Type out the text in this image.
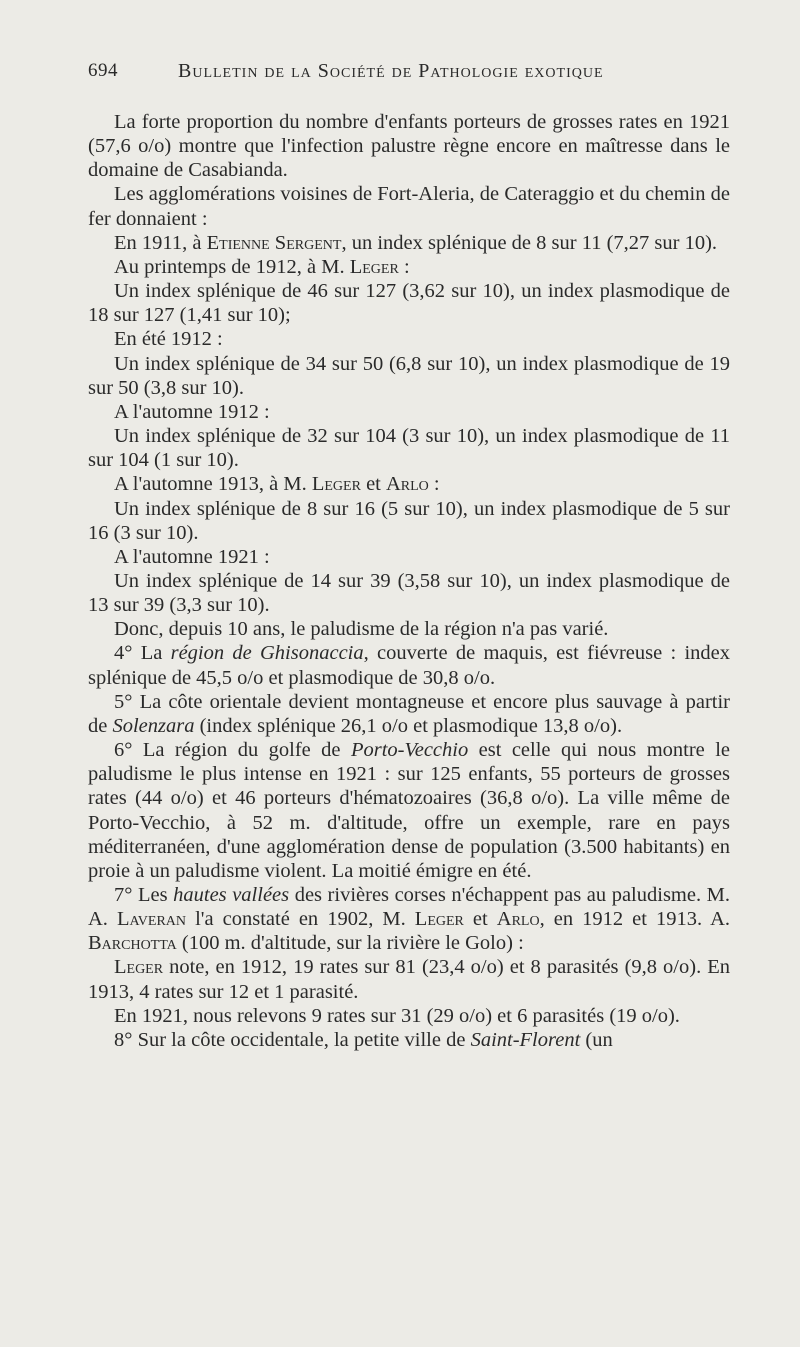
694	Bulletin de la Société de Pathologie exotique

La forte proportion du nombre d'enfants porteurs de grosses rates en 1921 (57,6 o/o) montre que l'infection palustre règne encore en maîtresse dans le domaine de Casabianda.

Les agglomérations voisines de Fort-Aleria, de Cateraggio et du chemin de fer donnaient :

En 1911, à Etienne Sergent, un index splénique de 8 sur 11 (7,27 sur 10).

Au printemps de 1912, à M. Leger :

Un index splénique de 46 sur 127 (3,62 sur 10), un index plasmodique de 18 sur 127 (1,41 sur 10);

En été 1912 :

Un index splénique de 34 sur 50 (6,8 sur 10), un index plasmodique de 19 sur 50 (3,8 sur 10).

A l'automne 1912 :

Un index splénique de 32 sur 104 (3 sur 10), un index plasmodique de 11 sur 104 (1 sur 10).

A l'automne 1913, à M. Leger et Arlo :

Un index splénique de 8 sur 16 (5 sur 10), un index plasmodique de 5 sur 16 (3 sur 10).

A l'automne 1921 :

Un index splénique de 14 sur 39 (3,58 sur 10), un index plasmodique de 13 sur 39 (3,3 sur 10).

Donc, depuis 10 ans, le paludisme de la région n'a pas varié.

4° La région de Ghisonaccia, couverte de maquis, est fiévreuse : index splénique de 45,5 o/o et plasmodique de 30,8 o/o.

5° La côte orientale devient montagneuse et encore plus sauvage à partir de Solenzara (index splénique 26,1 o/o et plasmodique 13,8 o/o).

6° La région du golfe de Porto-Vecchio est celle qui nous montre le paludisme le plus intense en 1921 : sur 125 enfants, 55 porteurs de grosses rates (44 o/o) et 46 porteurs d'hématozoaires (36,8 o/o). La ville même de Porto-Vecchio, à 52 m. d'altitude, offre un exemple, rare en pays méditerranéen, d'une agglomération dense de population (3.500 habitants) en proie à un paludisme violent. La moitié émigre en été.

7° Les hautes vallées des rivières corses n'échappent pas au paludisme. M. A. Laveran l'a constaté en 1902, M. Leger et Arlo, en 1912 et 1913. A. Barchotta (100 m. d'altitude, sur la rivière le Golo) :

Leger note, en 1912, 19 rates sur 81 (23,4 o/o) et 8 parasités (9,8 o/o). En 1913, 4 rates sur 12 et 1 parasité.

En 1921, nous relevons 9 rates sur 31 (29 o/o) et 6 parasités (19 o/o).

8° Sur la côte occidentale, la petite ville de Saint-Florent (un
